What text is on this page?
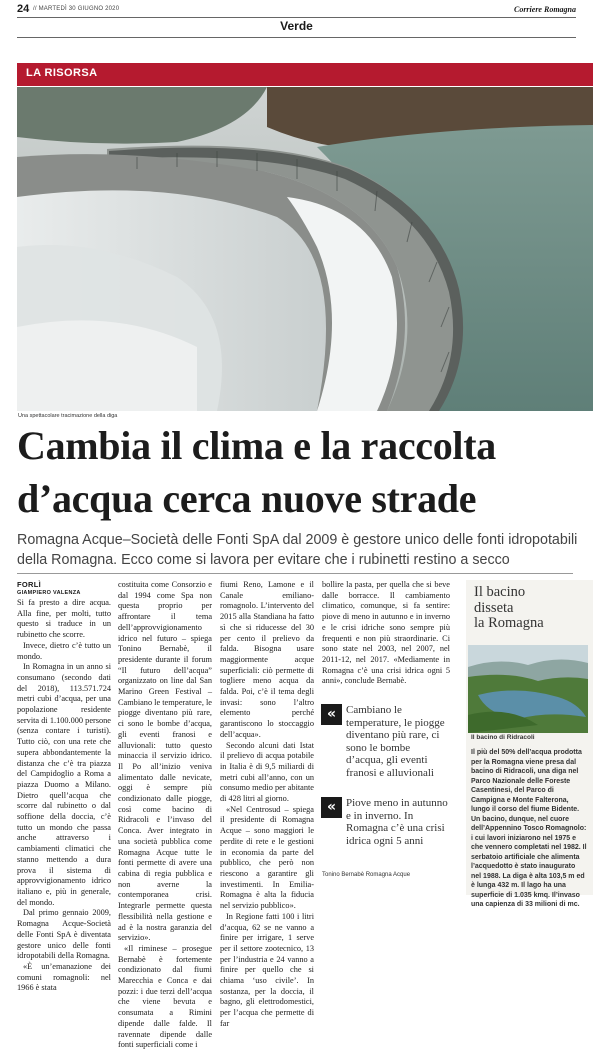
24 // MARTEDÌ 30 GIUGNO 2020	Corriere Romagna
Verde
LA RISORSA
Una spettacolare tracimazione della diga
Cambia il clima e la raccolta
d’acqua cerca nuove strade
Romagna Acque–Società delle Fonti SpA dal 2009 è gestore unico delle fonti idropotabili
della Romagna. Ecco come si lavora per evitare che i rubinetti restino a secco
FORLÌ
GIAMPIERO VALENZA

Si fa presto a dire acqua. Alla fine, per molti, tutto questo si traduce in un rubinetto che scorre.

Invece, dietro c’è tutto un mondo.

In Romagna in un anno si consumano (secondo dati del 2018), 113.571.724 metri cubi d’acqua, per una popolazione residente servita di 1.100.000 persone (senza contare i turisti). Tutto ciò, con una rete che supera abbondantemente la distanza che c’è tra piazza del Campidoglio a Roma a piazza Duomo a Milano. Dietro quell’acqua che scorre dal rubinetto o dal soffione della doccia, c’è tutto un mondo che passa anche attraverso i cambiamenti climatici che stanno mettendo a dura prova il sistema di approvvigionamento idrico italiano e, più in generale, del mondo.

Dal primo gennaio 2009, Romagna Acque-Società delle Fonti SpA è diventata gestore unico delle fonti idropotabili della Romagna.

«È un’emanazione dei comuni romagnoli: nel 1966 è stata

costituita come Consorzio e dal 1994 come Spa non questa proprio per affrontare il tema dell’approvvigionamento idrico nel futuro – spiega Tonino Bernabè, il presidente durante il forum “Il futuro dell’acqua” organizzato on line dal San Marino Green Festival – Cambiano le temperature, le piogge diventano più rare, ci sono le bombe d’acqua, gli eventi franosi e alluvionali: tutto questo minaccia il servizio idrico. Il Po all’inizio veniva alimentato dalle nevicate, oggi è sempre più condizionato dalle piogge, così come bacino di Ridracoli e l’invaso del Conca. Aver integrato in una società pubblica come Romagna Acque tutte le fonti permette di avere una cabina di regia pubblica e non averne la contemporanea crisi. Integrarle permette questa flessibilità nella gestione e ad è la nostra garanzia del servizio».

«Il riminese – prosegue Bernabè è fortemente condizionato dal fiumi Marecchia e Conca e dai pozzi: i due terzi dell’acqua che viene bevuta e consumata a Rimini dipende dalle falde. Il ravennate dipende dalle fonti superficiali come i

fiumi Reno, Lamone e il Canale emiliano-romagnolo. L’intervento del 2015 alla Standiana ha fatto sì che si riducesse del 30 per cento il prelievo da falda. Bisogna usare maggiormente acque superficiali: ciò permette di togliere meno acqua da falda. Poi, c’è il tema degli invasi: sono l’altro elemento perché garantiscono lo stoccaggio dell’acqua».

Secondo alcuni dati Istat il prelievo di acqua potabile in Italia è di 9,5 miliardi di metri cubi all’anno, con un consumo medio per abitante di 428 litri al giorno.

«Nel Centrosud – spiega il presidente di Romagna Acque – sono maggiori le perdite di rete e le gestioni in economia da parte del pubblico, che però non riescono a garantire gli investimenti. In Emilia-Romagna è alta la fiducia nel servizio pubblico».

In Regione fatti 100 i litri d’acqua, 62 se ne vanno a finire per irrigare, 1 serve per il settore zootecnico, 13 per l’industria e 24 vanno a finire per quello che si chiama ‘uso civile’. In sostanza, per la doccia, il bagno, gli elettrodomestici, per l’acqua che permette di far

bollire la pasta, per quella che si beve dalle borracce. Il cambiamento climatico, comunque, si fa sentire: piove di meno in autunno e in inverno e le crisi idriche sono sempre più frequenti e non più straordinarie. Ci sono state nel 2003, nel 2007, nel 2011-12, nel 2017. «Mediamente in Romagna c’è una crisi idrica ogni 5 anni», conclude Bernabè.

« Cambiano le temperature, le piogge diventano più rare, ci sono le bombe d’acqua, gli eventi franosi e alluvionali
« Piove meno in autunno e in inverno. In Romagna c’è una crisi idrica ogni 5 anni
Tonino Bernabè Romagna Acque
Il bacino
disseta
la Romagna
Il bacino di Ridracoli
Il più del 50% dell’acqua prodotta per la Romagna viene presa dal bacino di Ridracoli, una diga nel Parco Nazionale delle Foreste Casentinesi, del Parco di Campigna e Monte Falterona, lungo il corso del fiume Bidente. Un bacino, dunque, nel cuore dell’Appennino Tosco Romagnolo: i cui lavori iniziarono nel 1975 e che vennero completati nel 1982. Il serbatoio artificiale che alimenta l’acquedotto è stato inaugurato nel 1988. La diga è alta 103,5 m ed è lunga 432 m. Il lago ha una superficie di 1.035 kmq. Il’invaso una capienza di 33 milioni di mc.
